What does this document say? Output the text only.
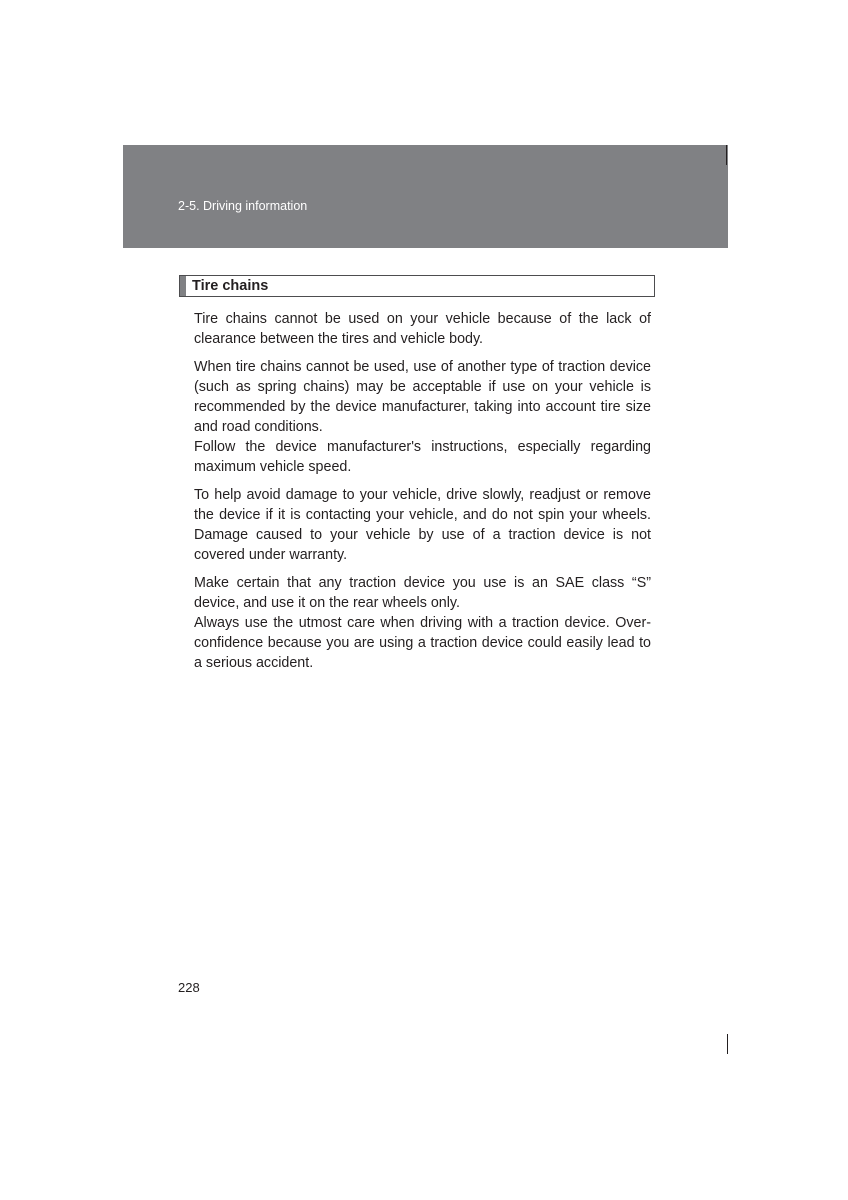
2-5. Driving information
Tire chains

Tire chains cannot be used on your vehicle because of the lack of clearance between the tires and vehicle body.

When tire chains cannot be used, use of another type of traction device (such as spring chains) may be acceptable if use on your vehicle is recommended by the device manufacturer, taking into account tire size and road conditions.

Follow the device manufacturer's instructions, especially regarding maximum vehicle speed.

To help avoid damage to your vehicle, drive slowly, readjust or remove the device if it is contacting your vehicle, and do not spin your wheels. Damage caused to your vehicle by use of a traction device is not covered under warranty.

Make certain that any traction device you use is an SAE class “S” device, and use it on the rear wheels only.

Always use the utmost care when driving with a traction device. Overconfidence because you are using a traction device could easily lead to a serious accident.

228
